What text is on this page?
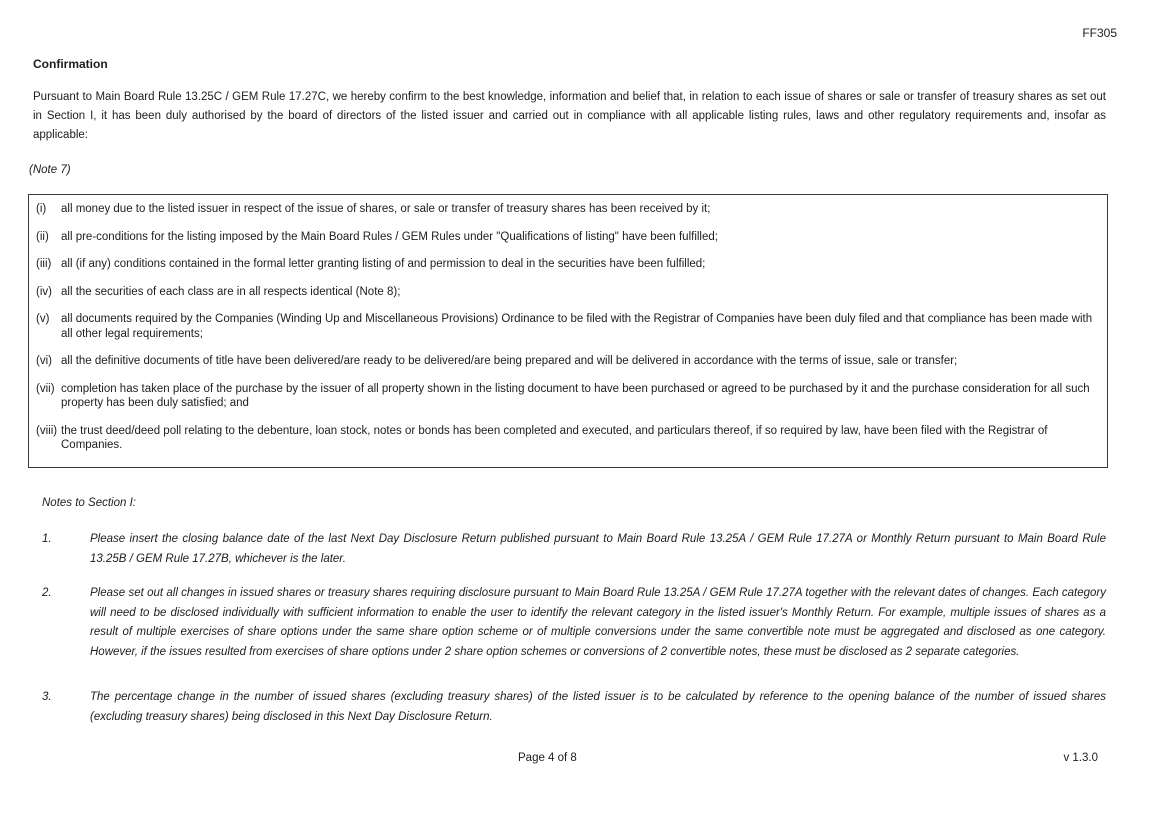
FF305
Confirmation

Pursuant to Main Board Rule 13.25C / GEM Rule 17.27C, we hereby confirm to the best knowledge, information and belief that, in relation to each issue of shares or sale or transfer of treasury shares as set out in Section I, it has been duly authorised by the board of directors of the listed issuer and carried out in compliance with all applicable listing rules, laws and other regulatory requirements and, insofar as applicable:

(Note 7)
(i)	all money due to the listed issuer in respect of the issue of shares, or sale or transfer of treasury shares has been received by it;
(ii)	all pre-conditions for the listing imposed by the Main Board Rules / GEM Rules under "Qualifications of listing" have been fulfilled;
(iii) all (if any) conditions contained in the formal letter granting listing of and permission to deal in the securities have been fulfilled;
(iv) all the securities of each class are in all respects identical (Note 8);
(v)	all documents required by the Companies (Winding Up and Miscellaneous Provisions) Ordinance to be filed with the Registrar of Companies have been duly filed and that compliance has been made with all other legal requirements;
(vi) all the definitive documents of title have been delivered/are ready to be delivered/are being prepared and will be delivered in accordance with the terms of issue, sale or transfer;
(vii) completion has taken place of the purchase by the issuer of all property shown in the listing document to have been purchased or agreed to be purchased by it and the purchase consideration for all such property has been duly satisfied; and
(viii) the trust deed/deed poll relating to the debenture, loan stock, notes or bonds has been completed and executed, and particulars thereof, if so required by law, have been filed with the Registrar of Companies.
Notes to Section I:
1.	Please insert the closing balance date of the last Next Day Disclosure Return published pursuant to Main Board Rule 13.25A / GEM Rule 17.27A or Monthly Return pursuant to Main Board Rule 13.25B / GEM Rule 17.27B, whichever is the later.
2.	Please set out all changes in issued shares or treasury shares requiring disclosure pursuant to Main Board Rule 13.25A / GEM Rule 17.27A together with the relevant dates of changes. Each category will need to be disclosed individually with sufficient information to enable the user to identify the relevant category in the listed issuer's Monthly Return. For example, multiple issues of shares as a result of multiple exercises of share options under the same share option scheme or of multiple conversions under the same convertible note must be aggregated and disclosed as one category. However, if the issues resulted from exercises of share options under 2 share option schemes or conversions of 2 convertible notes, these must be disclosed as 2 separate categories.
3.	The percentage change in the number of issued shares (excluding treasury shares) of the listed issuer is to be calculated by reference to the opening balance of the number of issued shares (excluding treasury shares) being disclosed in this Next Day Disclosure Return.
Page 4 of 8	v 1.3.0
